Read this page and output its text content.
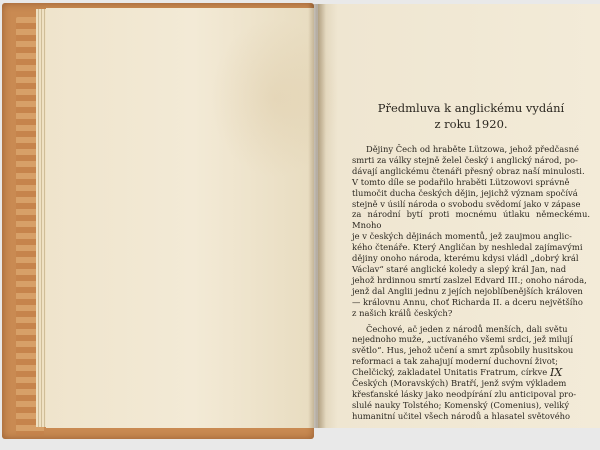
Předmluva k anglickému vydání
z roku 1920.

Dějiny Čech od hraběte Lützowa, jehož předčasné
smrti za války stejně želel český i anglický národ, po-
dávají anglickému čtenáři přesný obraz naší minulosti.
V tomto díle se podařilo hraběti Lützowovi správně
tlumočit ducha českých dějin, jejichž význam spočívá
stejně v úsilí národa o svobodu svědomí jako v zápase
za národní bytí proti mocnému útlaku německému. Mnoho
je v českých dějinách momentů, jež zaujmou anglic-
kého čtenáře. Který Angličan by neshledal zajímavými
dějiny onoho národa, kterému kdysi vládl „dobrý král
Václav“ staré anglické koledy a slepý král Jan, nad
jehož hrdinnou smrtí zaslzel Edvard III.; onoho národa,
jenž dal Anglii jednu z jejích nejoblíbenějších královen
— královnu Annu, choť Richarda II. a dceru největšího
z našich králů českých?

Čechové, ač jeden z národů menších, dali světu
nejednoho muže, „uctívaného všemi srdci, jež milují
světlo“. Hus, jehož učení a smrt způsobily husitskou
reformaci a tak zahajují moderní duchovní život;
Chelčický, zakladatel Unitatis Fratrum, církve
Českých (Moravských) Bratří, jenž svým výkladem
křesťanské lásky jako neodpírání zlu anticipoval pro-
slulé nauky Tolstého; Komenský (Comenius), veliký
humanitní učitel všech národů a hlasatel světového

IX
